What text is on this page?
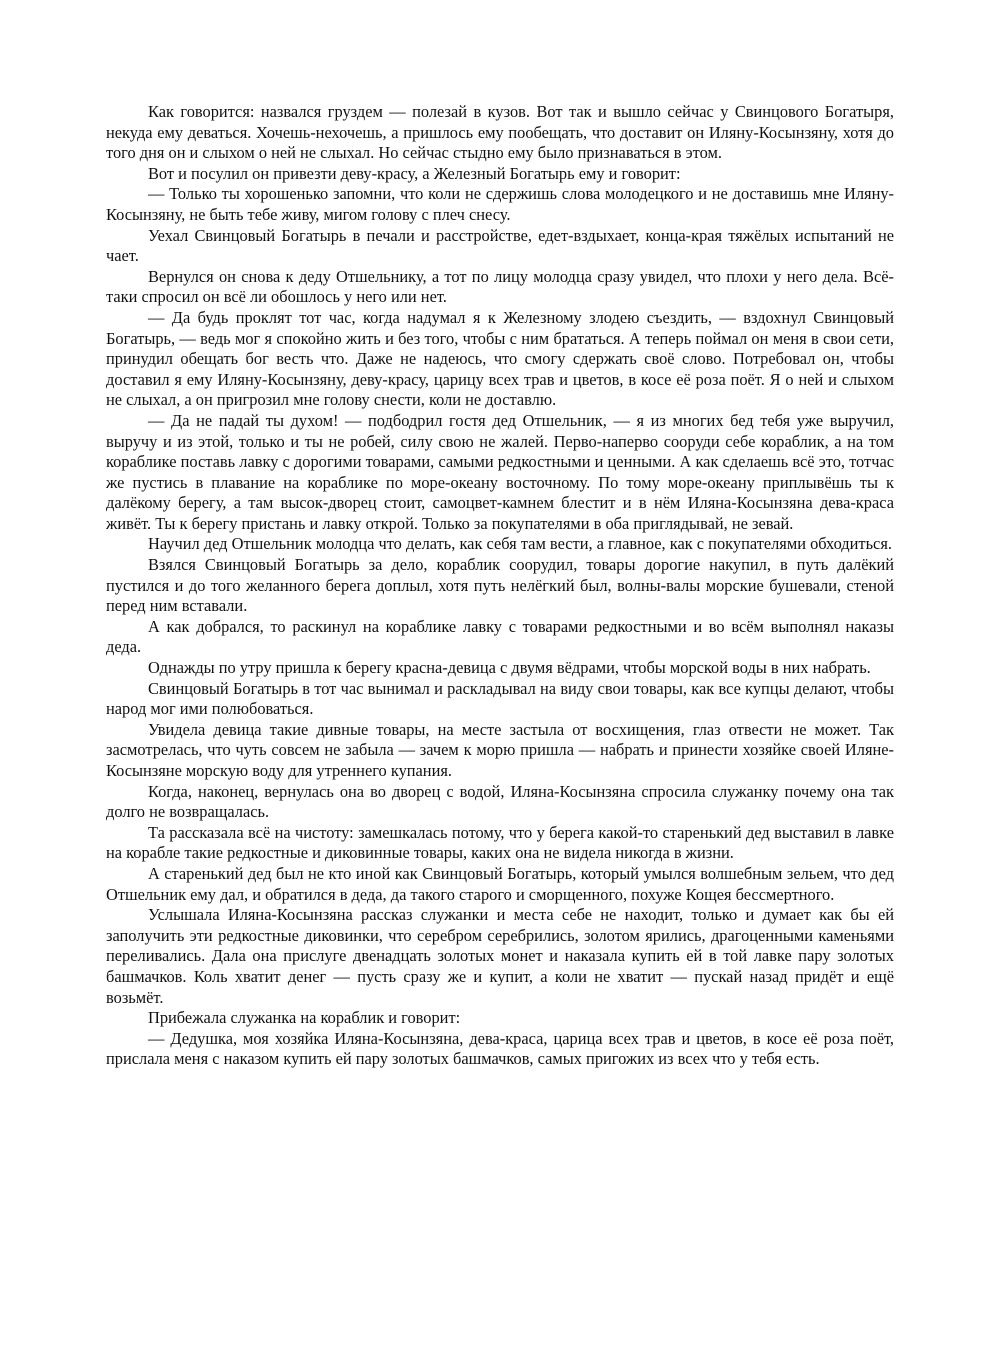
Как говорится: назвался груздем — полезай в кузов. Вот так и вышло сейчас у Свинцового Богатыря, некуда ему деваться. Хочешь-нехочешь, а пришлось ему пообещать, что доставит он Иляну-Косынзяну, хотя до того дня он и слыхом о ней не слыхал. Но сейчас стыдно ему было признаваться в этом.

Вот и посулил он привезти деву-красу, а Железный Богатырь ему и говорит:

— Только ты хорошенько запомни, что коли не сдержишь слова молодецкого и не доставишь мне Иляну-Косынзяну, не быть тебе живу, мигом голову с плеч снесу.

Уехал Свинцовый Богатырь в печали и расстройстве, едет-вздыхает, конца-края тяжёлых испытаний не чает.

Вернулся он снова к деду Отшельнику, а тот по лицу молодца сразу увидел, что плохи у него дела. Всё-таки спросил он всё ли обошлось у него или нет.

— Да будь проклят тот час, когда надумал я к Железному злодею съездить, — вздохнул Свинцовый Богатырь, — ведь мог я спокойно жить и без того, чтобы с ним брататься. А теперь поймал он меня в свои сети, принудил обещать бог весть что. Даже не надеюсь, что смогу сдержать своё слово. Потребовал он, чтобы доставил я ему Иляну-Косынзяну, деву-красу, царицу всех трав и цветов, в косе её роза поёт. Я о ней и слыхом не слыхал, а он пригрозил мне голову снести, коли не доставлю.

— Да не падай ты духом! — подбодрил гостя дед Отшельник, — я из многих бед тебя уже выручил, выручу и из этой, только и ты не робей, силу свою не жалей. Перво-наперво сооруди себе кораблик, а на том кораблике поставь лавку с дорогими товарами, самыми редкостными и ценными. А как сделаешь всё это, тотчас же пустись в плавание на кораблике по море-океану восточному. По тому море-океану приплывёшь ты к далёкому берегу, а там высок-дворец стоит, самоцвет-камнем блестит и в нём Иляна-Косынзяна дева-краса живёт. Ты к берегу пристань и лавку открой. Только за покупателями в оба приглядывай, не зевай.

Научил дед Отшельник молодца что делать, как себя там вести, а главное, как с покупателями обходиться.

Взялся Свинцовый Богатырь за дело, кораблик соорудил, товары дорогие накупил, в путь далёкий пустился и до того желанного берега доплыл, хотя путь нелёгкий был, волны-валы морские бушевали, стеной перед ним вставали.

А как добрался, то раскинул на кораблике лавку с товарами редкостными и во всём выполнял наказы деда.

Однажды по утру пришла к берегу красна-девица с двумя вёдрами, чтобы морской воды в них набрать.

Свинцовый Богатырь в тот час вынимал и раскладывал на виду свои товары, как все купцы делают, чтобы народ мог ими полюбоваться.

Увидела девица такие дивные товары, на месте застыла от восхищения, глаз отвести не может. Так засмотрелась, что чуть совсем не забыла — зачем к морю пришла — набрать и принести хозяйке своей Иляне-Косынзяне морскую воду для утреннего купания.

Когда, наконец, вернулась она во дворец с водой, Иляна-Косынзяна спросила служанку почему она так долго не возвращалась.

Та рассказала всё на чистоту: замешкалась потому, что у берега какой-то старенький дед выставил в лавке на корабле такие редкостные и диковинные товары, каких она не видела никогда в жизни.

А старенький дед был не кто иной как Свинцовый Богатырь, который умылся волшебным зельем, что дед Отшельник ему дал, и обратился в деда, да такого старого и сморщенного, похуже Кощея бессмертного.

Услышала Иляна-Косынзяна рассказ служанки и места себе не находит, только и думает как бы ей заполучить эти редкостные диковинки, что серебром серебрились, золотом ярились, драгоценными каменьями переливались. Дала она прислуге двенадцать золотых монет и наказала купить ей в той лавке пару золотых башмачков. Коль хватит денег — пусть сразу же и купит, а коли не хватит — пускай назад придёт и ещё возьмёт.

Прибежала служанка на кораблик и говорит:

— Дедушка, моя хозяйка Иляна-Косынзяна, дева-краса, царица всех трав и цветов, в косе её роза поёт, прислала меня с наказом купить ей пару золотых башмачков, самых пригожих из всех что у тебя есть.
